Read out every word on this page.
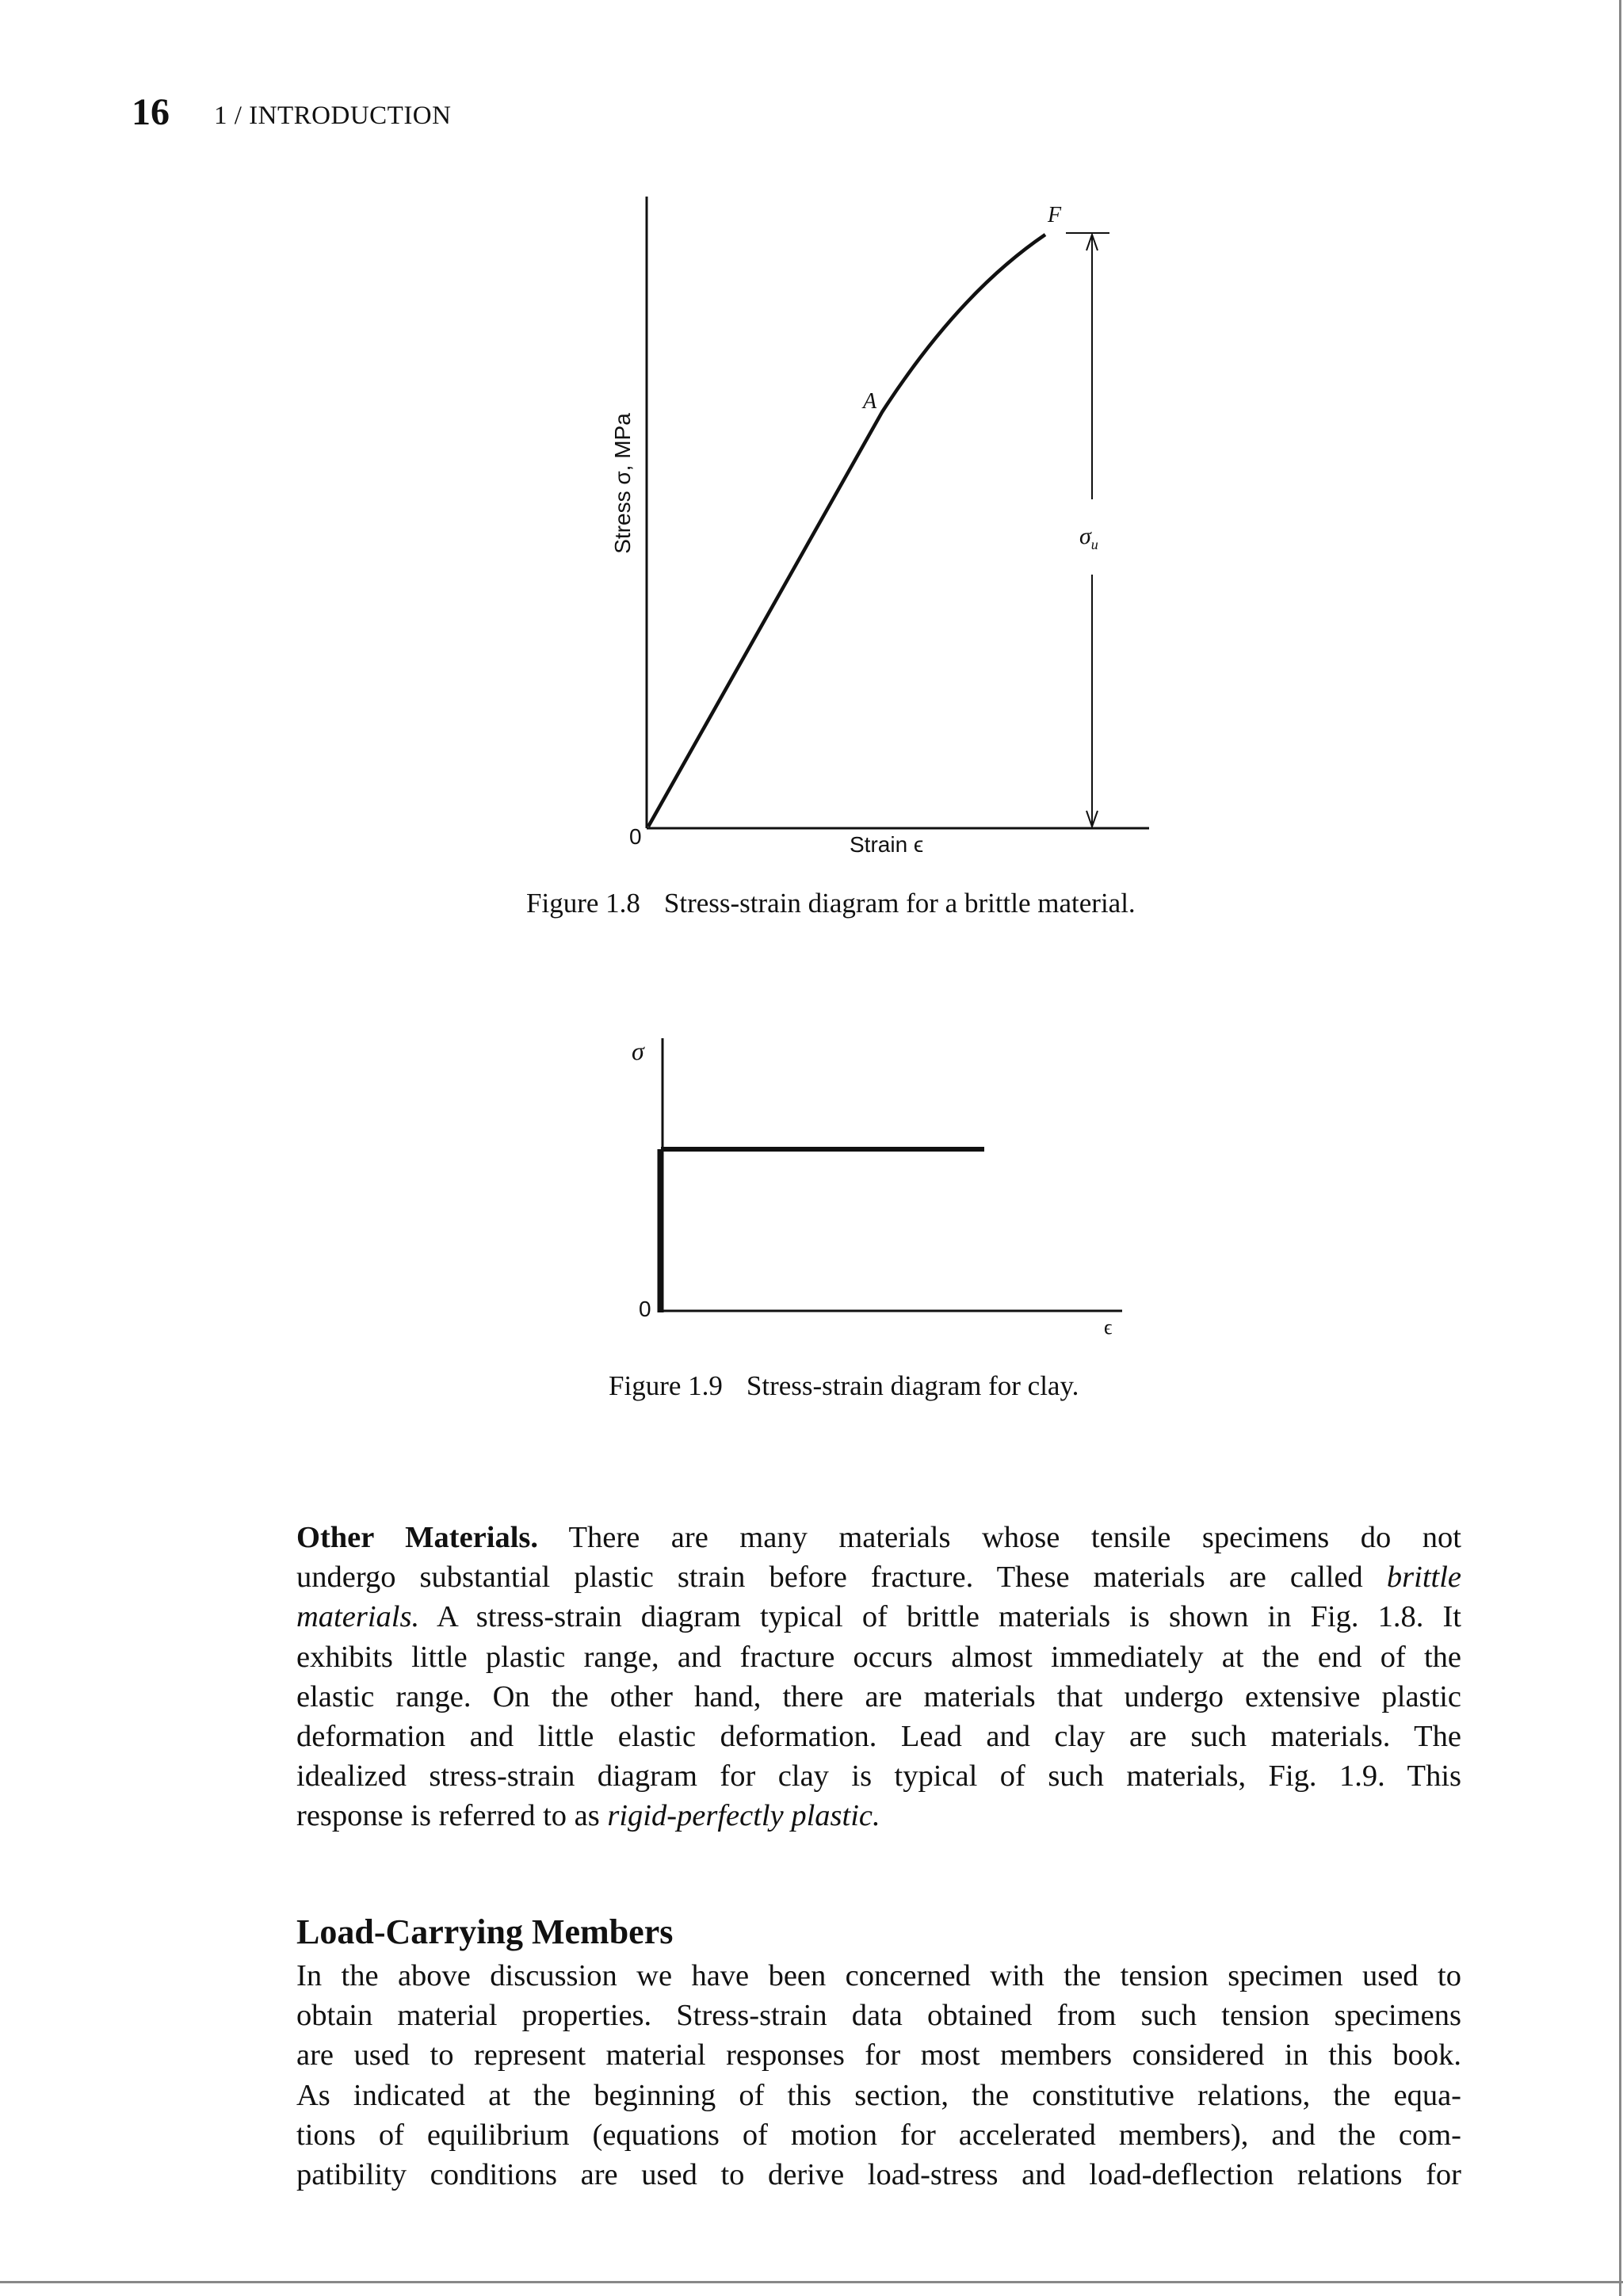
16 1 / INTRODUCTION
Stress σ, MPa
0	Strain ϵ
A
F
$\sigma_u$
Figure 1.8 Stress-strain diagram for a brittle material.
σ
0
ϵ
Figure 1.9 Stress-strain diagram for clay.
Other Materials.  There are many materials whose tensile specimens do not
undergo substantial plastic strain before fracture. These materials are called brittle
materials. A stress-strain diagram typical of brittle materials is shown in Fig. 1.8. It
exhibits little plastic range, and fracture occurs almost immediately at the end of the
elastic range. On the other hand, there are materials that undergo extensive plastic
deformation and little elastic deformation. Lead and clay are such materials. The
idealized stress-strain diagram for clay is typical of such materials, Fig. 1.9. This
response is referred to as rigid-perfectly plastic.
Load-Carrying Members
In the above discussion we have been concerned with the tension specimen used to
obtain material properties. Stress-strain data obtained from such tension specimens
are used to represent material responses for most members considered in this book.
As indicated at the beginning of this section, the constitutive relations, the equa-
tions of equilibrium (equations of motion for accelerated members), and the com-
patibility conditions are used to derive load-stress and load-deflection relations for
